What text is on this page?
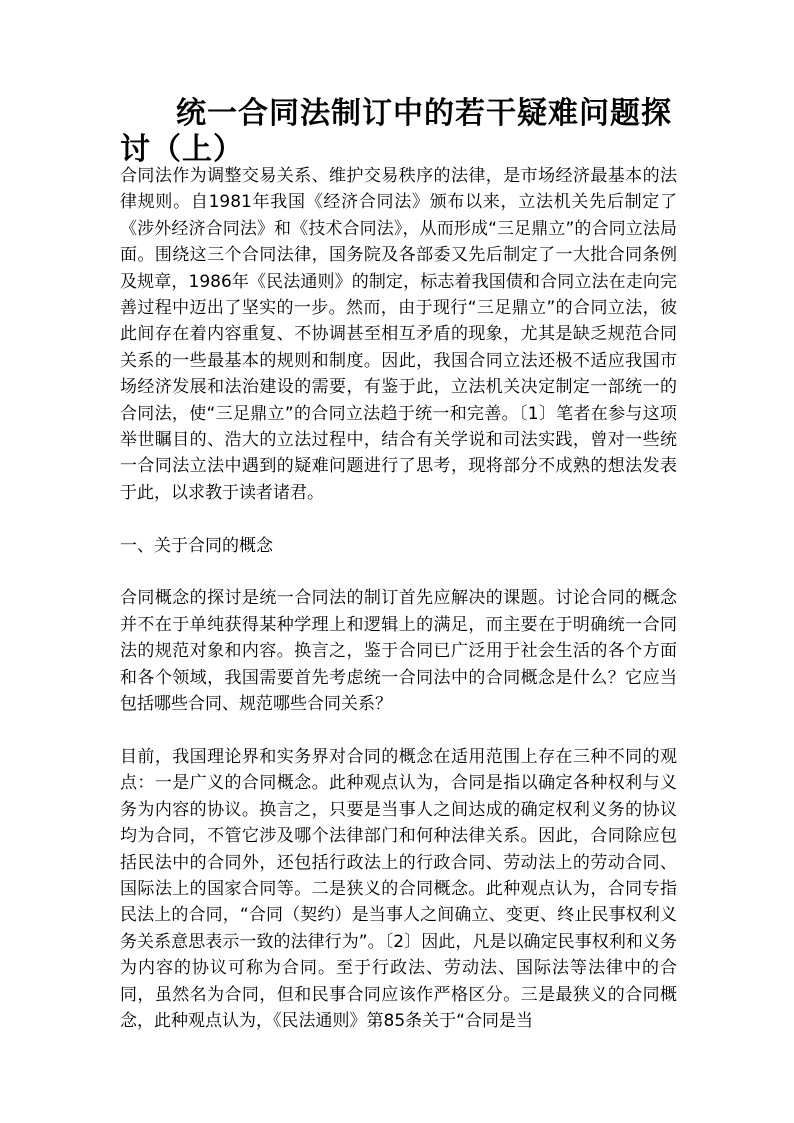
统一合同法制订中的若干疑难问题探讨（上）

合同法作为调整交易关系、维护交易秩序的法律，是市场经济最基本的法律规则。自1981年我国《经济合同法》颁布以来，立法机关先后制定了《涉外经济合同法》和《技术合同法》，从而形成“三足鼎立”的合同立法局面。围绕这三个合同法律，国务院及各部委又先后制定了一大批合同条例及规章，1986年《民法通则》的制定，标志着我国债和合同立法在走向完善过程中迈出了坚实的一步。然而，由于现行“三足鼎立”的合同立法，彼此间存在着内容重复、不协调甚至相互矛盾的现象，尤其是缺乏规范合同关系的一些最基本的规则和制度。因此，我国合同立法还极不适应我国市场经济发展和法治建设的需要，有鉴于此，立法机关决定制定一部统一的合同法，使“三足鼎立”的合同立法趋于统一和完善。〔1〕笔者在参与这项举世瞩目的、浩大的立法过程中，结合有关学说和司法实践，曾对一些统一合同法立法中遇到的疑难问题进行了思考，现将部分不成熟的想法发表于此，以求教于读者诸君。

一、关于合同的概念

合同概念的探讨是统一合同法的制订首先应解决的课题。讨论合同的概念并不在于单纯获得某种学理上和逻辑上的满足，而主要在于明确统一合同法的规范对象和内容。换言之，鉴于合同已广泛用于社会生活的各个方面和各个领域，我国需要首先考虑统一合同法中的合同概念是什么？它应当包括哪些合同、规范哪些合同关系？

目前，我国理论界和实务界对合同的概念在适用范围上存在三种不同的观点：一是广义的合同概念。此种观点认为，合同是指以确定各种权利与义务为内容的协议。换言之，只要是当事人之间达成的确定权利义务的协议均为合同，不管它涉及哪个法律部门和何种法律关系。因此，合同除应包括民法中的合同外，还包括行政法上的行政合同、劳动法上的劳动合同、国际法上的国家合同等。二是狭义的合同概念。此种观点认为，合同专指民法上的合同，“合同（契约）是当事人之间确立、变更、终止民事权利义务关系意思表示一致的法律行为”。〔2〕因此，凡是以确定民事权利和义务为内容的协议可称为合同。至于行政法、劳动法、国际法等法律中的合同，虽然名为合同，但和民事合同应该作严格区分。三是最狭义的合同概念，此种观点认为，《民法通则》第85条关于“合同是当
